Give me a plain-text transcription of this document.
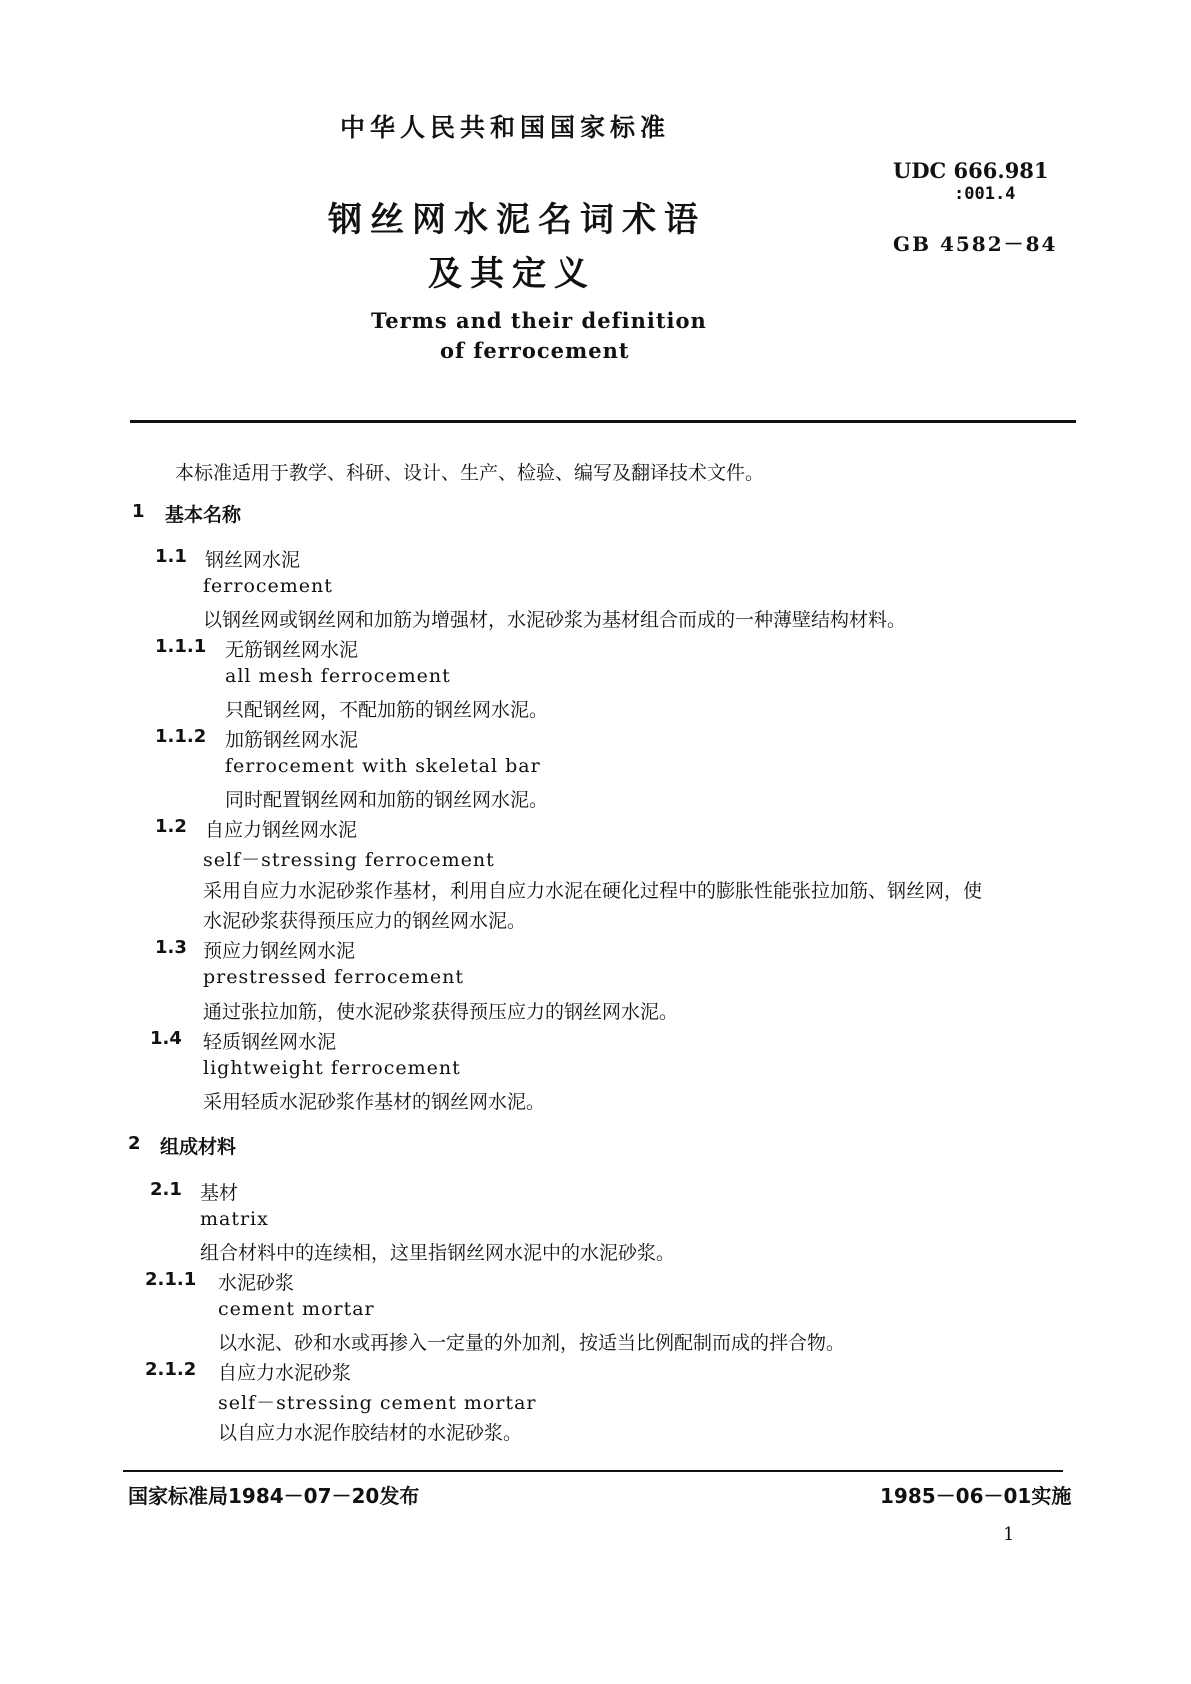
中华人民共和国国家标准
钢丝网水泥名词术语
及其定义
Terms and their definition
of ferrocement
UDC 666.981
:001.4
GB 4582－84
本标准适用于教学、科研、设计、生产、检验、编写及翻译技术文件。
1 基本名称
1.1 钢丝网水泥
ferrocement
以钢丝网或钢丝网和加筋为增强材，水泥砂浆为基材组合而成的一种薄壁结构材料。
1.1.1 无筋钢丝网水泥
all mesh ferrocement
只配钢丝网，不配加筋的钢丝网水泥。
1.1.2 加筋钢丝网水泥
ferrocement with skeletal bar
同时配置钢丝网和加筋的钢丝网水泥。
1.2 自应力钢丝网水泥
self－stressing ferrocement
采用自应力水泥砂浆作基材，利用自应力水泥在硬化过程中的膨胀性能张拉加筋、钢丝网，使
水泥砂浆获得预压应力的钢丝网水泥。
1.3 预应力钢丝网水泥
prestressed ferrocement
通过张拉加筋，使水泥砂浆获得预压应力的钢丝网水泥。
1.4 轻质钢丝网水泥
lightweight ferrocement
采用轻质水泥砂浆作基材的钢丝网水泥。
2 组成材料
2.1 基材
matrix
组合材料中的连续相，这里指钢丝网水泥中的水泥砂浆。
2.1.1 水泥砂浆
cement mortar
以水泥、砂和水或再掺入一定量的外加剂，按适当比例配制而成的拌合物。
2.1.2 自应力水泥砂浆
self－stressing cement mortar
以自应力水泥作胶结材的水泥砂浆。
国家标准局1984－07－20发布	1985－06－01实施
1
